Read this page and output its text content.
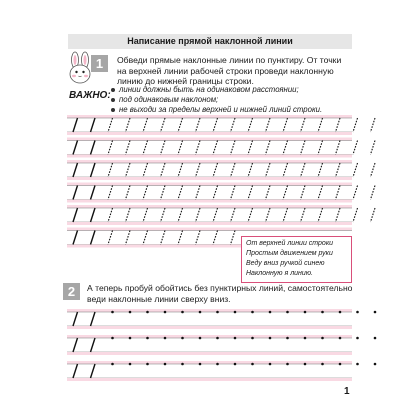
Написание прямой наклонной линии
1	Обведи прямые наклонные линии по пунктиру. От точки на верхней линии рабочей строки проведи наклонную линию до нижней границы строки.
ВАЖНО:
линии должны быть на одинаковом расстоянии;
под одинаковым наклоном;
не выходи за пределы верхней и нижней линий строки.
От верхней линии строки
Простым движением руки
Веду вниз ручкой синею
Наклонную я линию.
2	А теперь пробуй обойтись без пунктирных линий, самостоятельно веди наклонные линии сверху вниз.
1
